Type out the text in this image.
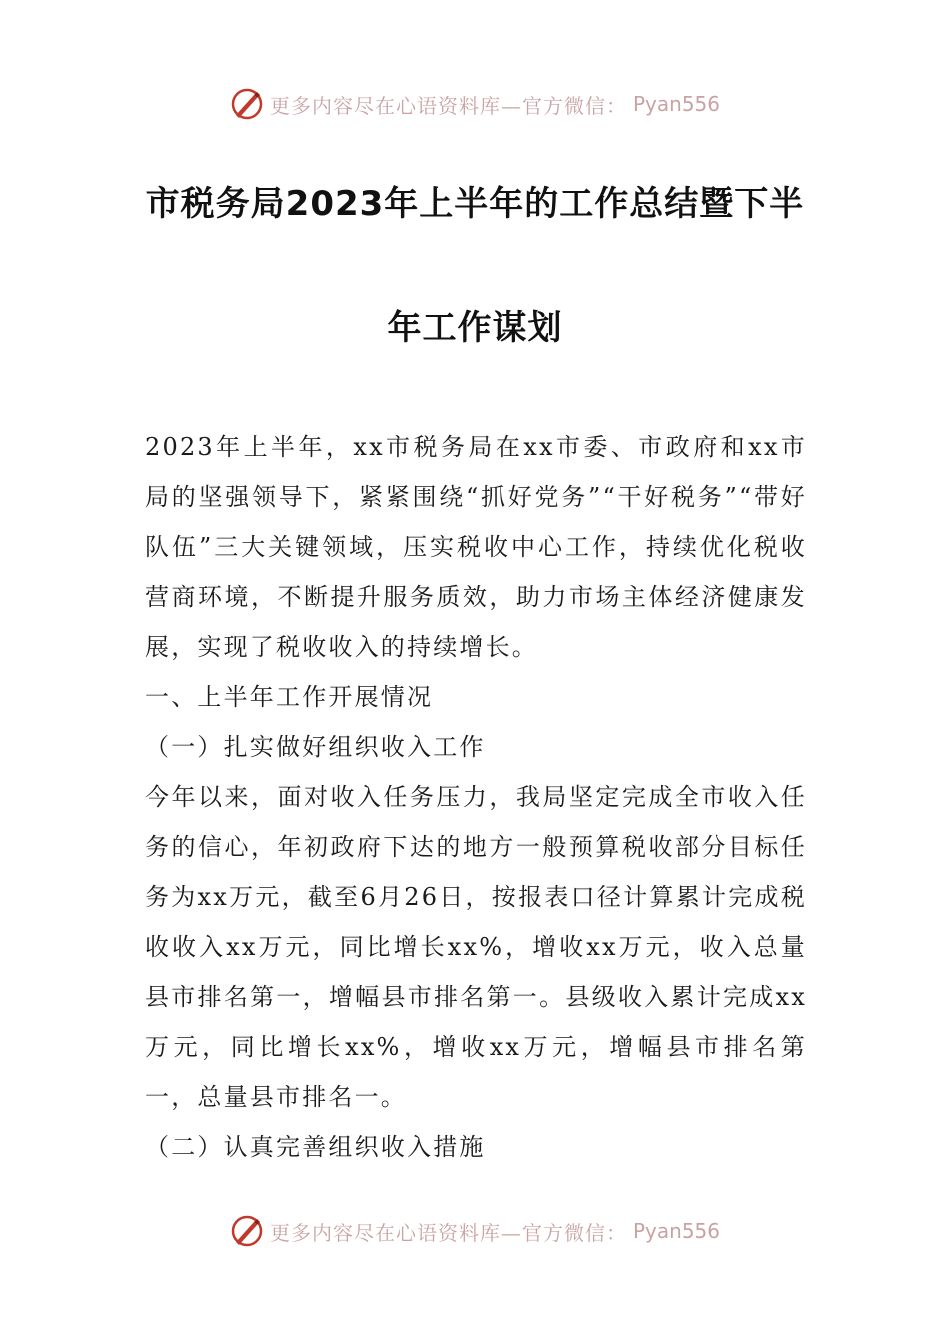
更多内容尽在心语资料库—官方微信： Pyan556
市税务局2023年上半年的工作总结暨下半
年工作谋划

2023年上半年，xx市税务局在xx市委、市政府和xx市局的坚强领导下，紧紧围绕“抓好党务”“干好税务”“带好队伍”三大关键领域，压实税收中心工作，持续优化税收营商环境，不断提升服务质效，助力市场主体经济健康发展，实现了税收收入的持续增长。

一、上半年工作开展情况

（一）扎实做好组织收入工作

今年以来，面对收入任务压力，我局坚定完成全市收入任务的信心，年初政府下达的地方一般预算税收部分目标任务为xx万元，截至6月26日，按报表口径计算累计完成税收收入xx万元，同比增长xx%，增收xx万元，收入总量县市排名第一，增幅县市排名第一。县级收入累计完成xx万元，同比增长xx%，增收xx万元，增幅县市排名第一，总量县市排名一。

（二）认真完善组织收入措施

更多内容尽在心语资料库—官方微信： Pyan556
